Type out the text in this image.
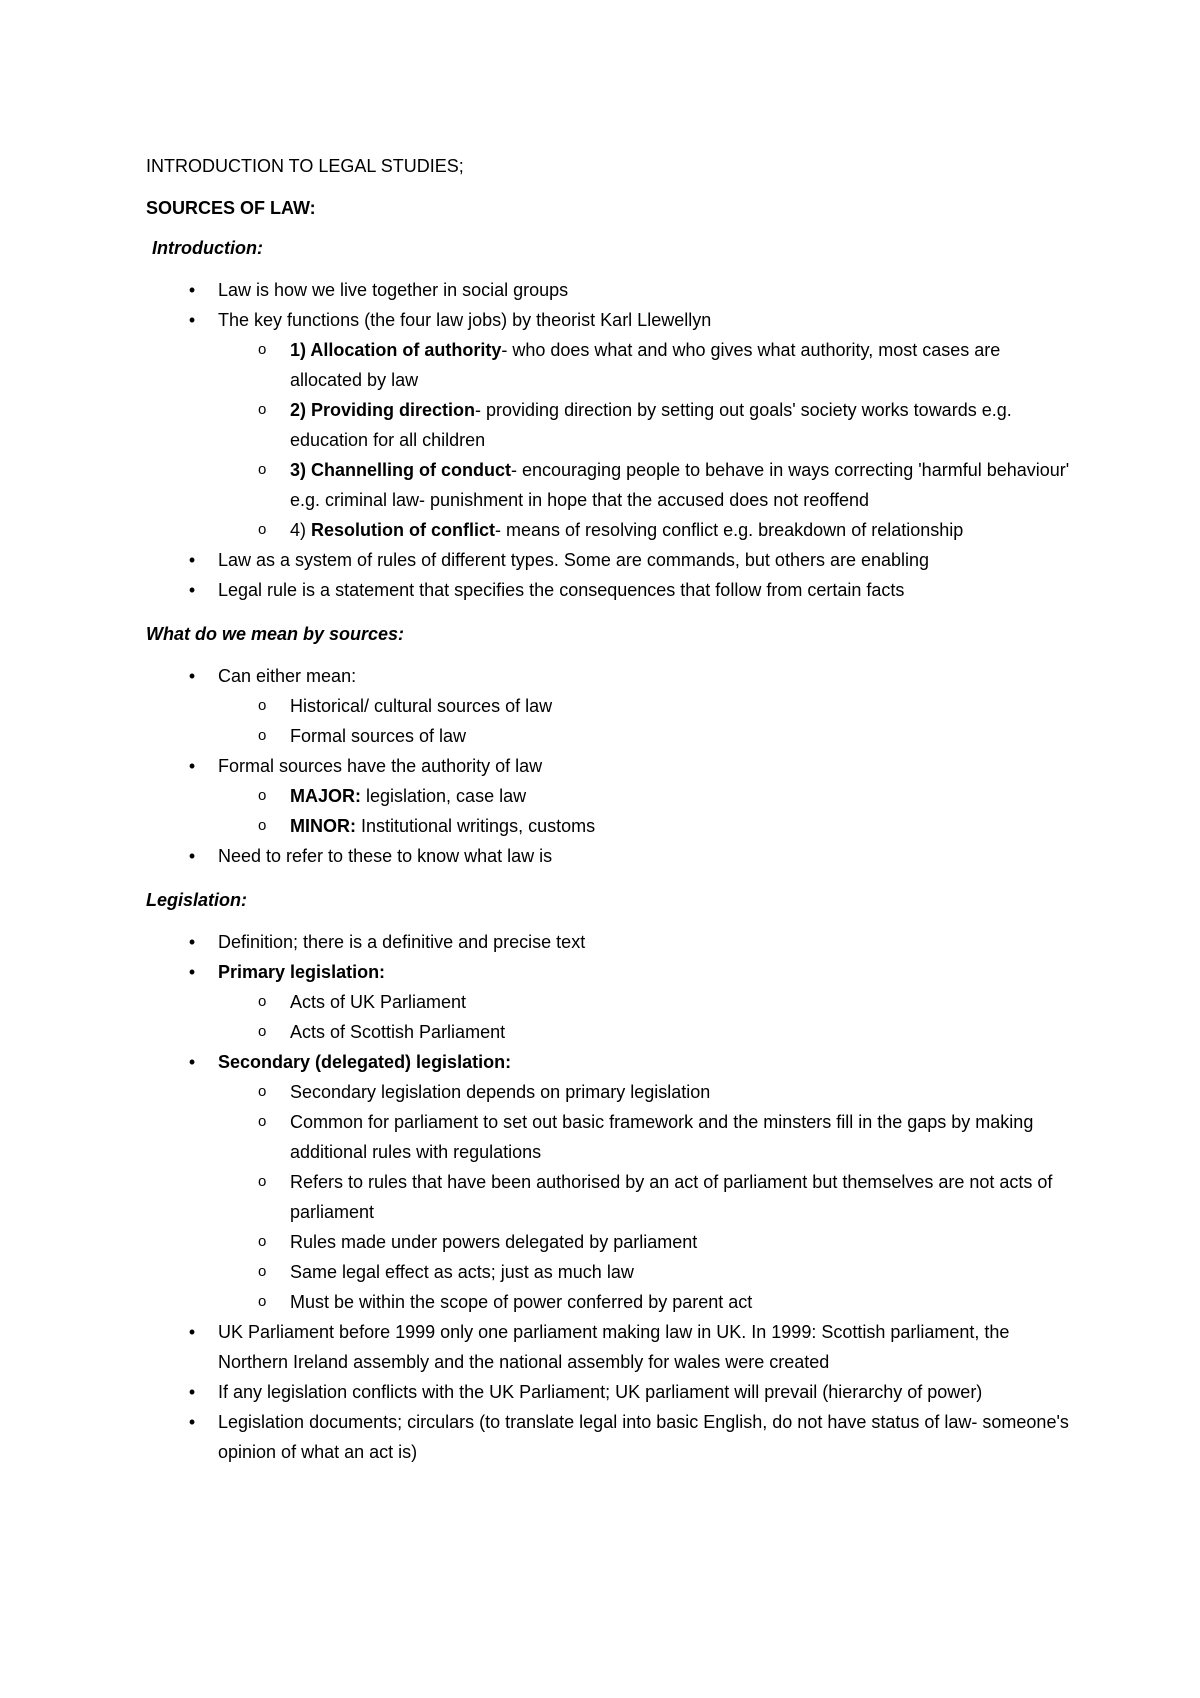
INTRODUCTION TO LEGAL STUDIES;
SOURCES OF LAW:
Introduction:
• Law is how we live together in social groups
• The key functions (the four law jobs) by theorist Karl Llewellyn
o 1) Allocation of authority- who does what and who gives what authority, most cases are allocated by law
o 2) Providing direction- providing direction by setting out goals' society works towards e.g. education for all children
o 3) Channelling of conduct- encouraging people to behave in ways correcting 'harmful behaviour' e.g. criminal law- punishment in hope that the accused does not reoffend
o 4) Resolution of conflict- means of resolving conflict e.g. breakdown of relationship
• Law as a system of rules of different types. Some are commands, but others are enabling
• Legal rule is a statement that specifies the consequences that follow from certain facts
What do we mean by sources:
• Can either mean:
o Historical/ cultural sources of law
o Formal sources of law
• Formal sources have the authority of law
o MAJOR: legislation, case law
o MINOR: Institutional writings, customs
• Need to refer to these to know what law is
Legislation:
• Definition; there is a definitive and precise text
• Primary legislation:
o Acts of UK Parliament
o Acts of Scottish Parliament
• Secondary (delegated) legislation:
o Secondary legislation depends on primary legislation
o Common for parliament to set out basic framework and the minsters fill in the gaps by making additional rules with regulations
o Refers to rules that have been authorised by an act of parliament but themselves are not acts of parliament
o Rules made under powers delegated by parliament
o Same legal effect as acts; just as much law
o Must be within the scope of power conferred by parent act
• UK Parliament before 1999 only one parliament making law in UK. In 1999: Scottish parliament, the Northern Ireland assembly and the national assembly for wales were created
• If any legislation conflicts with the UK Parliament; UK parliament will prevail (hierarchy of power)
• Legislation documents; circulars (to translate legal into basic English, do not have status of law- someone's opinion of what an act is)
